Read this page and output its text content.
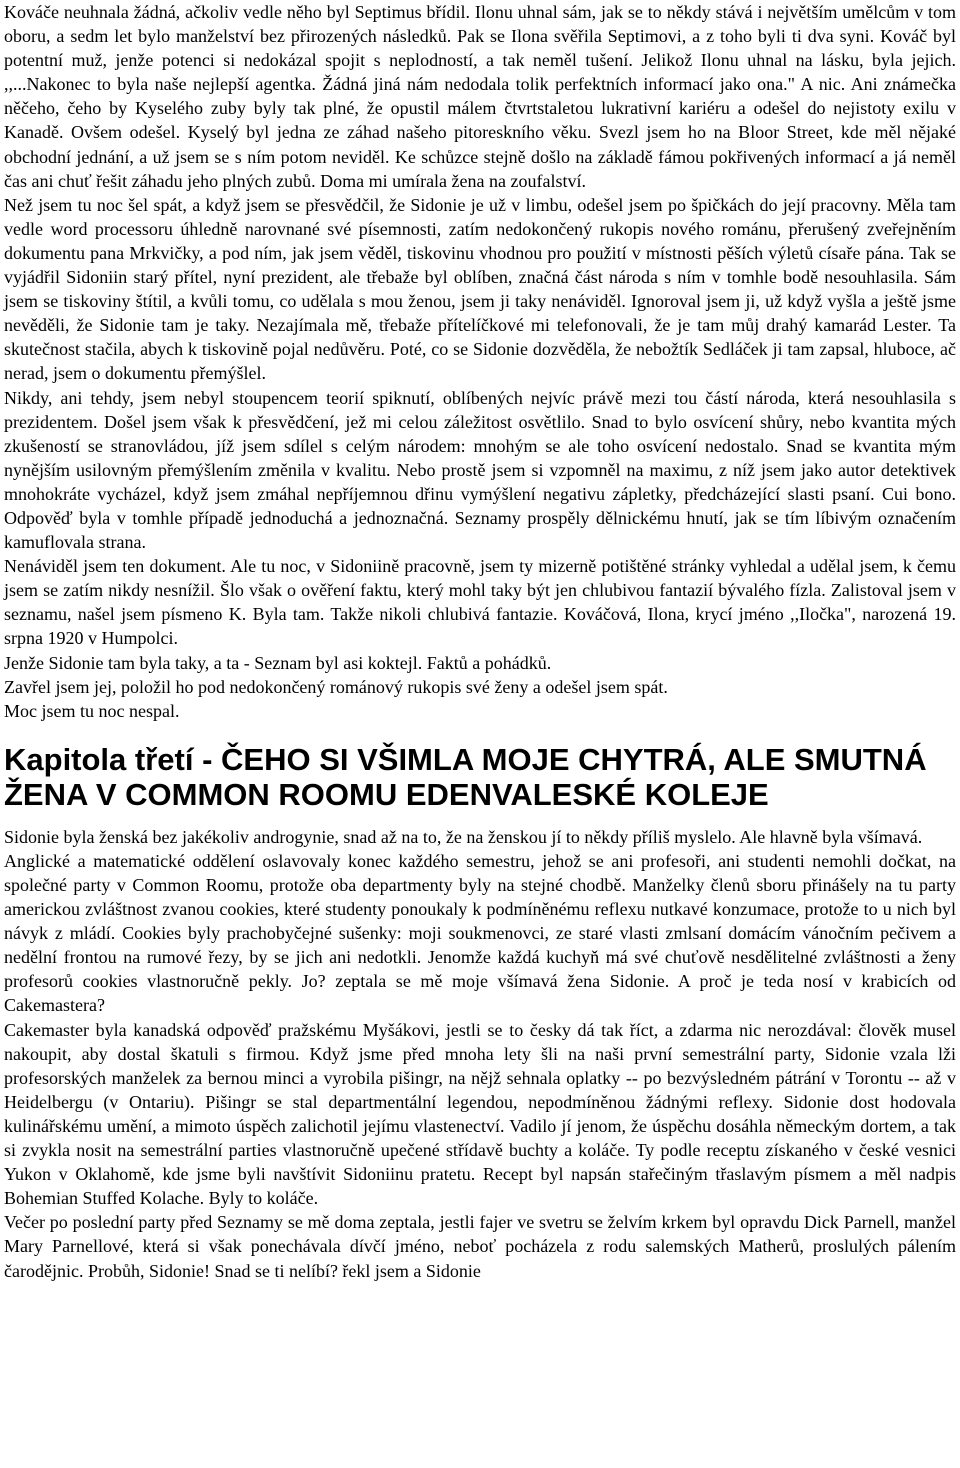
Kováče neuhnala žádná, ačkoliv vedle něho byl Septimus břídil. Ilonu uhnal sám, jak se to někdy stává i největším umělcům v tom oboru, a sedm let bylo manželství bez přirozených následků. Pak se Ilona svěřila Septimovi, a z toho byli ti dva syni. Kováč byl potentní muž, jenže potenci si nedokázal spojit s neplodností, a tak neměl tušení. Jelikož Ilonu uhnal na lásku, byla jejich. ,,...Nakonec to byla naše nejlepší agentka. Žádná jiná nám nedodala tolik perfektních informací jako ona." A nic. Ani známečka něčeho, čeho by Kyselého zuby byly tak plné, že opustil málem čtvrtstaletou lukrativní kariéru a odešel do nejistoty exilu v Kanadě. Ovšem odešel. Kyselý byl jedna ze záhad našeho pitoreskního věku. Svezl jsem ho na Bloor Street, kde měl nějaké obchodní jednání, a už jsem se s ním potom neviděl. Ke schůzce stejně došlo na základě fámou pokřivených informací a já neměl čas ani chuť řešit záhadu jeho plných zubů. Doma mi umírala žena na zoufalství.

Než jsem tu noc šel spát, a když jsem se přesvědčil, že Sidonie je už v limbu, odešel jsem po špičkách do její pracovny. Měla tam vedle word processoru úhledně narovnané své písemnosti, zatím nedokončený rukopis nového románu, přerušený zveřejněním dokumentu pana Mrkvičky, a pod ním, jak jsem věděl, tiskovinu vhodnou pro použití v místnosti pěších výletů císaře pána. Tak se vyjádřil Sidoniin starý přítel, nyní prezident, ale třebaže byl oblíben, značná část národa s ním v tomhle bodě nesouhlasila. Sám jsem se tiskoviny štítil, a kvůli tomu, co udělala s mou ženou, jsem ji taky nenáviděl. Ignoroval jsem ji, už když vyšla a ještě jsme nevěděli, že Sidonie tam je taky. Nezajímala mě, třebaže přítelíčkové mi telefonovali, že je tam můj drahý kamarád Lester. Ta skutečnost stačila, abych k tiskovině pojal nedůvěru. Poté, co se Sidonie dozvěděla, že nebožtík Sedláček ji tam zapsal, hluboce, ač nerad, jsem o dokumentu přemýšlel.

Nikdy, ani tehdy, jsem nebyl stoupencem teorií spiknutí, oblíbených nejvíc právě mezi tou částí národa, která nesouhlasila s prezidentem. Došel jsem však k přesvědčení, jež mi celou záležitost osvětlilo. Snad to bylo osvícení shůry, nebo kvantita mých zkušeností se stranovládou, jíž jsem sdílel s celým národem: mnohým se ale toho osvícení nedostalo. Snad se kvantita mým nynějším usilovným přemýšlením změnila v kvalitu. Nebo prostě jsem si vzpomněl na maximu, z níž jsem jako autor detektivek mnohokráte vycházel, když jsem zmáhal nepříjemnou dřinu vymýšlení negativu zápletky, předcházející slasti psaní. Cui bono. Odpověď byla v tomhle případě jednoduchá a jednoznačná. Seznamy prospěly dělnickému hnutí, jak se tím líbivým označením kamuflovala strana.

Nenáviděl jsem ten dokument. Ale tu noc, v Sidoniině pracovně, jsem ty mizerně potištěné stránky vyhledal a udělal jsem, k čemu jsem se zatím nikdy nesnížil. Šlo však o ověření faktu, který mohl taky být jen chlubivou fantazií bývalého fízla. Zalistoval jsem v seznamu, našel jsem písmeno K. Byla tam. Takže nikoli chlubivá fantazie. Kováčová, Ilona, krycí jméno ,,Iločka", narozená 19. srpna 1920 v Humpolci.

Jenže Sidonie tam byla taky, a ta - Seznam byl asi koktejl. Faktů a pohádků.

Zavřel jsem jej, položil ho pod nedokončený románový rukopis své ženy a odešel jsem spát.

Moc jsem tu noc nespal.

Kapitola třetí - ČEHO SI VŠIMLA MOJE CHYTRÁ, ALE SMUTNÁ ŽENA V COMMON ROOMU EDENVALESKÉ KOLEJE

Sidonie byla ženská bez jakékoliv androgynie, snad až na to, že na ženskou jí to někdy příliš myslelo. Ale hlavně byla všímavá.

Anglické a matematické oddělení oslavovaly konec každého semestru, jehož se ani profesoři, ani studenti nemohli dočkat, na společné party v Common Roomu, protože oba departmenty byly na stejné chodbě. Manželky členů sboru přinášely na tu party americkou zvláštnost zvanou cookies, které studenty ponoukaly k podmíněnému reflexu nutkavé konzumace, protože to u nich byl návyk z mládí. Cookies byly prachobyčejné sušenky: moji soukmenovci, ze staré vlasti zmlsaní domácím vánočním pečivem a nedělní frontou na rumové řezy, by se jich ani nedotkli. Jenomže každá kuchyň má své chuťově nesdělitelné zvláštnosti a ženy profesorů cookies vlastnoručně pekly. Jo? zeptala se mě moje všímavá žena Sidonie. A proč je teda nosí v krabicích od Cakemastera?

Cakemaster byla kanadská odpověď pražskému Myšákovi, jestli se to česky dá tak říct, a zdarma nic nerozdával: člověk musel nakoupit, aby dostal škatuli s firmou. Když jsme před mnoha lety šli na naši první semestrální party, Sidonie vzala lži profesorských manželek za bernou minci a vyrobila pišingr, na nějž sehnala oplatky -- po bezvýsledném pátrání v Torontu -- až v Heidelbergu (v Ontariu). Pišingr se stal departmentální legendou, nepodmíněnou žádnými reflexy. Sidonie dost hodovala kulinářskému umění, a mimoto úspěch zalichotil jejímu vlastenectví. Vadilo jí jenom, že úspěchu dosáhla německým dortem, a tak si zvykla nosit na semestrální parties vlastnoručně upečené střídavě buchty a koláče. Ty podle receptu získaného v české vesnici Yukon v Oklahomě, kde jsme byli navštívit Sidoniinu pratetu. Recept byl napsán stařečiným třaslavým písmem a měl nadpis Bohemian Stuffed Kolache. Byly to koláče.

Večer po poslední party před Seznamy se mě doma zeptala, jestli fajer ve svetru se želvím krkem byl opravdu Dick Parnell, manžel Mary Parnellové, která si však ponechávala dívčí jméno, neboť pocházela z rodu salemských Matherů, proslulých pálením čarodějnic. Probůh, Sidonie! Snad se ti nelíbí? řekl jsem a Sidonie
